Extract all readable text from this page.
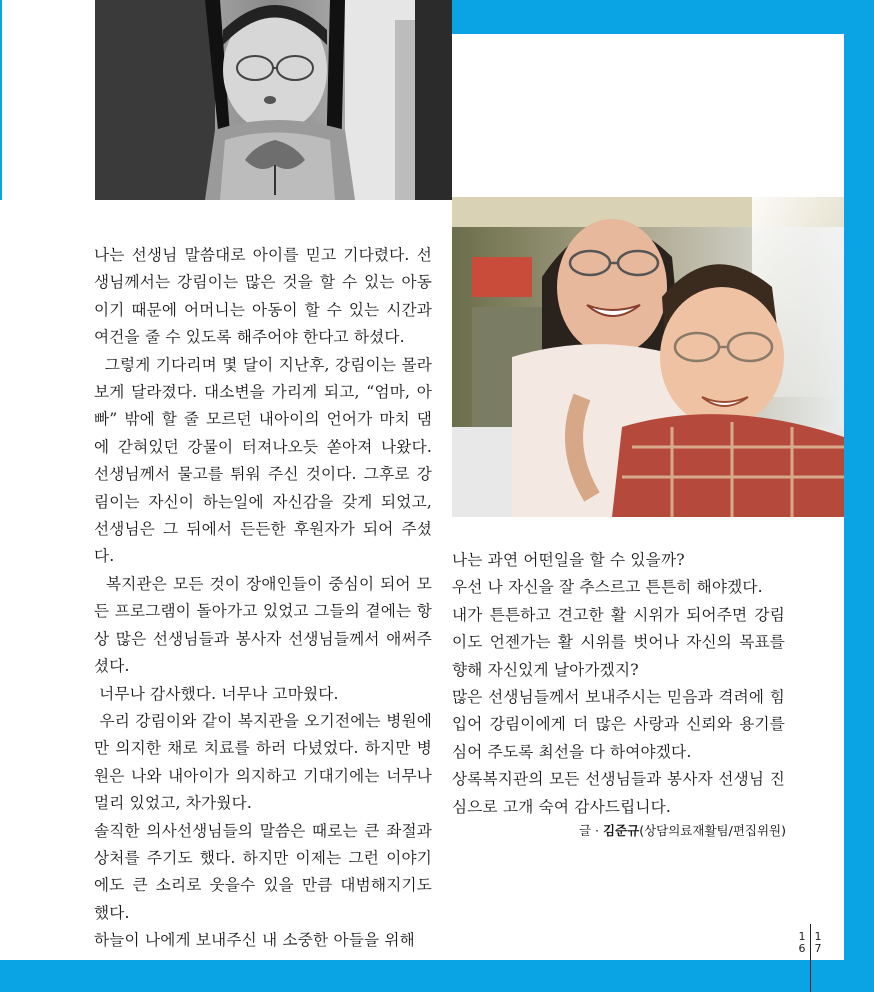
나는 선생님 말씀대로 아이를 믿고 기다렸다. 선생님께서는 강림이는 많은 것을 할 수 있는 아동이기 때문에 어머니는 아동이 할 수 있는 시간과 여건을 줄 수 있도록 해주어야 한다고 하셨다.

그렇게 기다리며 몇 달이 지난후, 강림이는 몰라보게 달라졌다. 대소변을 가리게 되고, “엄마, 아빠” 밖에 할 줄 모르던 내아이의 언어가 마치 댐에 갇혀있던 강물이 터져나오듯 쏟아져 나왔다. 선생님께서 물고를 튀워 주신 것이다. 그후로 강림이는 자신이 하는일에 자신감을 갖게 되었고, 선생님은 그 뒤에서 든든한 후원자가 되어 주셨다.

복지관은 모든 것이 장애인들이 중심이 되어 모든 프로그램이 돌아가고 있었고 그들의 곁에는 항상 많은 선생님들과 봉사자 선생님들께서 애써주셨다.

너무나 감사했다. 너무나 고마웠다.

우리 강림이와 같이 복지관을 오기전에는 병원에만 의지한 채로 치료를 하러 다녔었다. 하지만 병원은 나와 내아이가 의지하고 기대기에는 너무나 멀리 있었고, 차가웠다.

솔직한 의사선생님들의 말씀은 때로는 큰 좌절과 상처를 주기도 했다. 하지만 이제는 그런 이야기에도 큰 소리로 웃을수 있을 만큼 대범해지기도 했다.

하늘이 나에게 보내주신 내 소중한 아들을 위해

나는 과연 어떤일을 할 수 있을까?

우선 나 자신을 잘 추스르고 튼튼히 해야겠다.

내가 튼튼하고 견고한 활 시위가 되어주면 강림이도 언젠가는 활 시위를 벗어나 자신의 목표를 향해 자신있게 날아가겠지?

많은 선생님들께서 보내주시는 믿음과 격려에 힘입어 강림이에게 더 많은 사랑과 신뢰와 용기를 심어 주도록 최선을 다 하여야겠다.

상록복지관의 모든 선생님들과 봉사자 선생님 진심으로 고개 숙여 감사드립니다.

글 · 김준규(상담의료재활팀/편집위원)
1
6
1
7
